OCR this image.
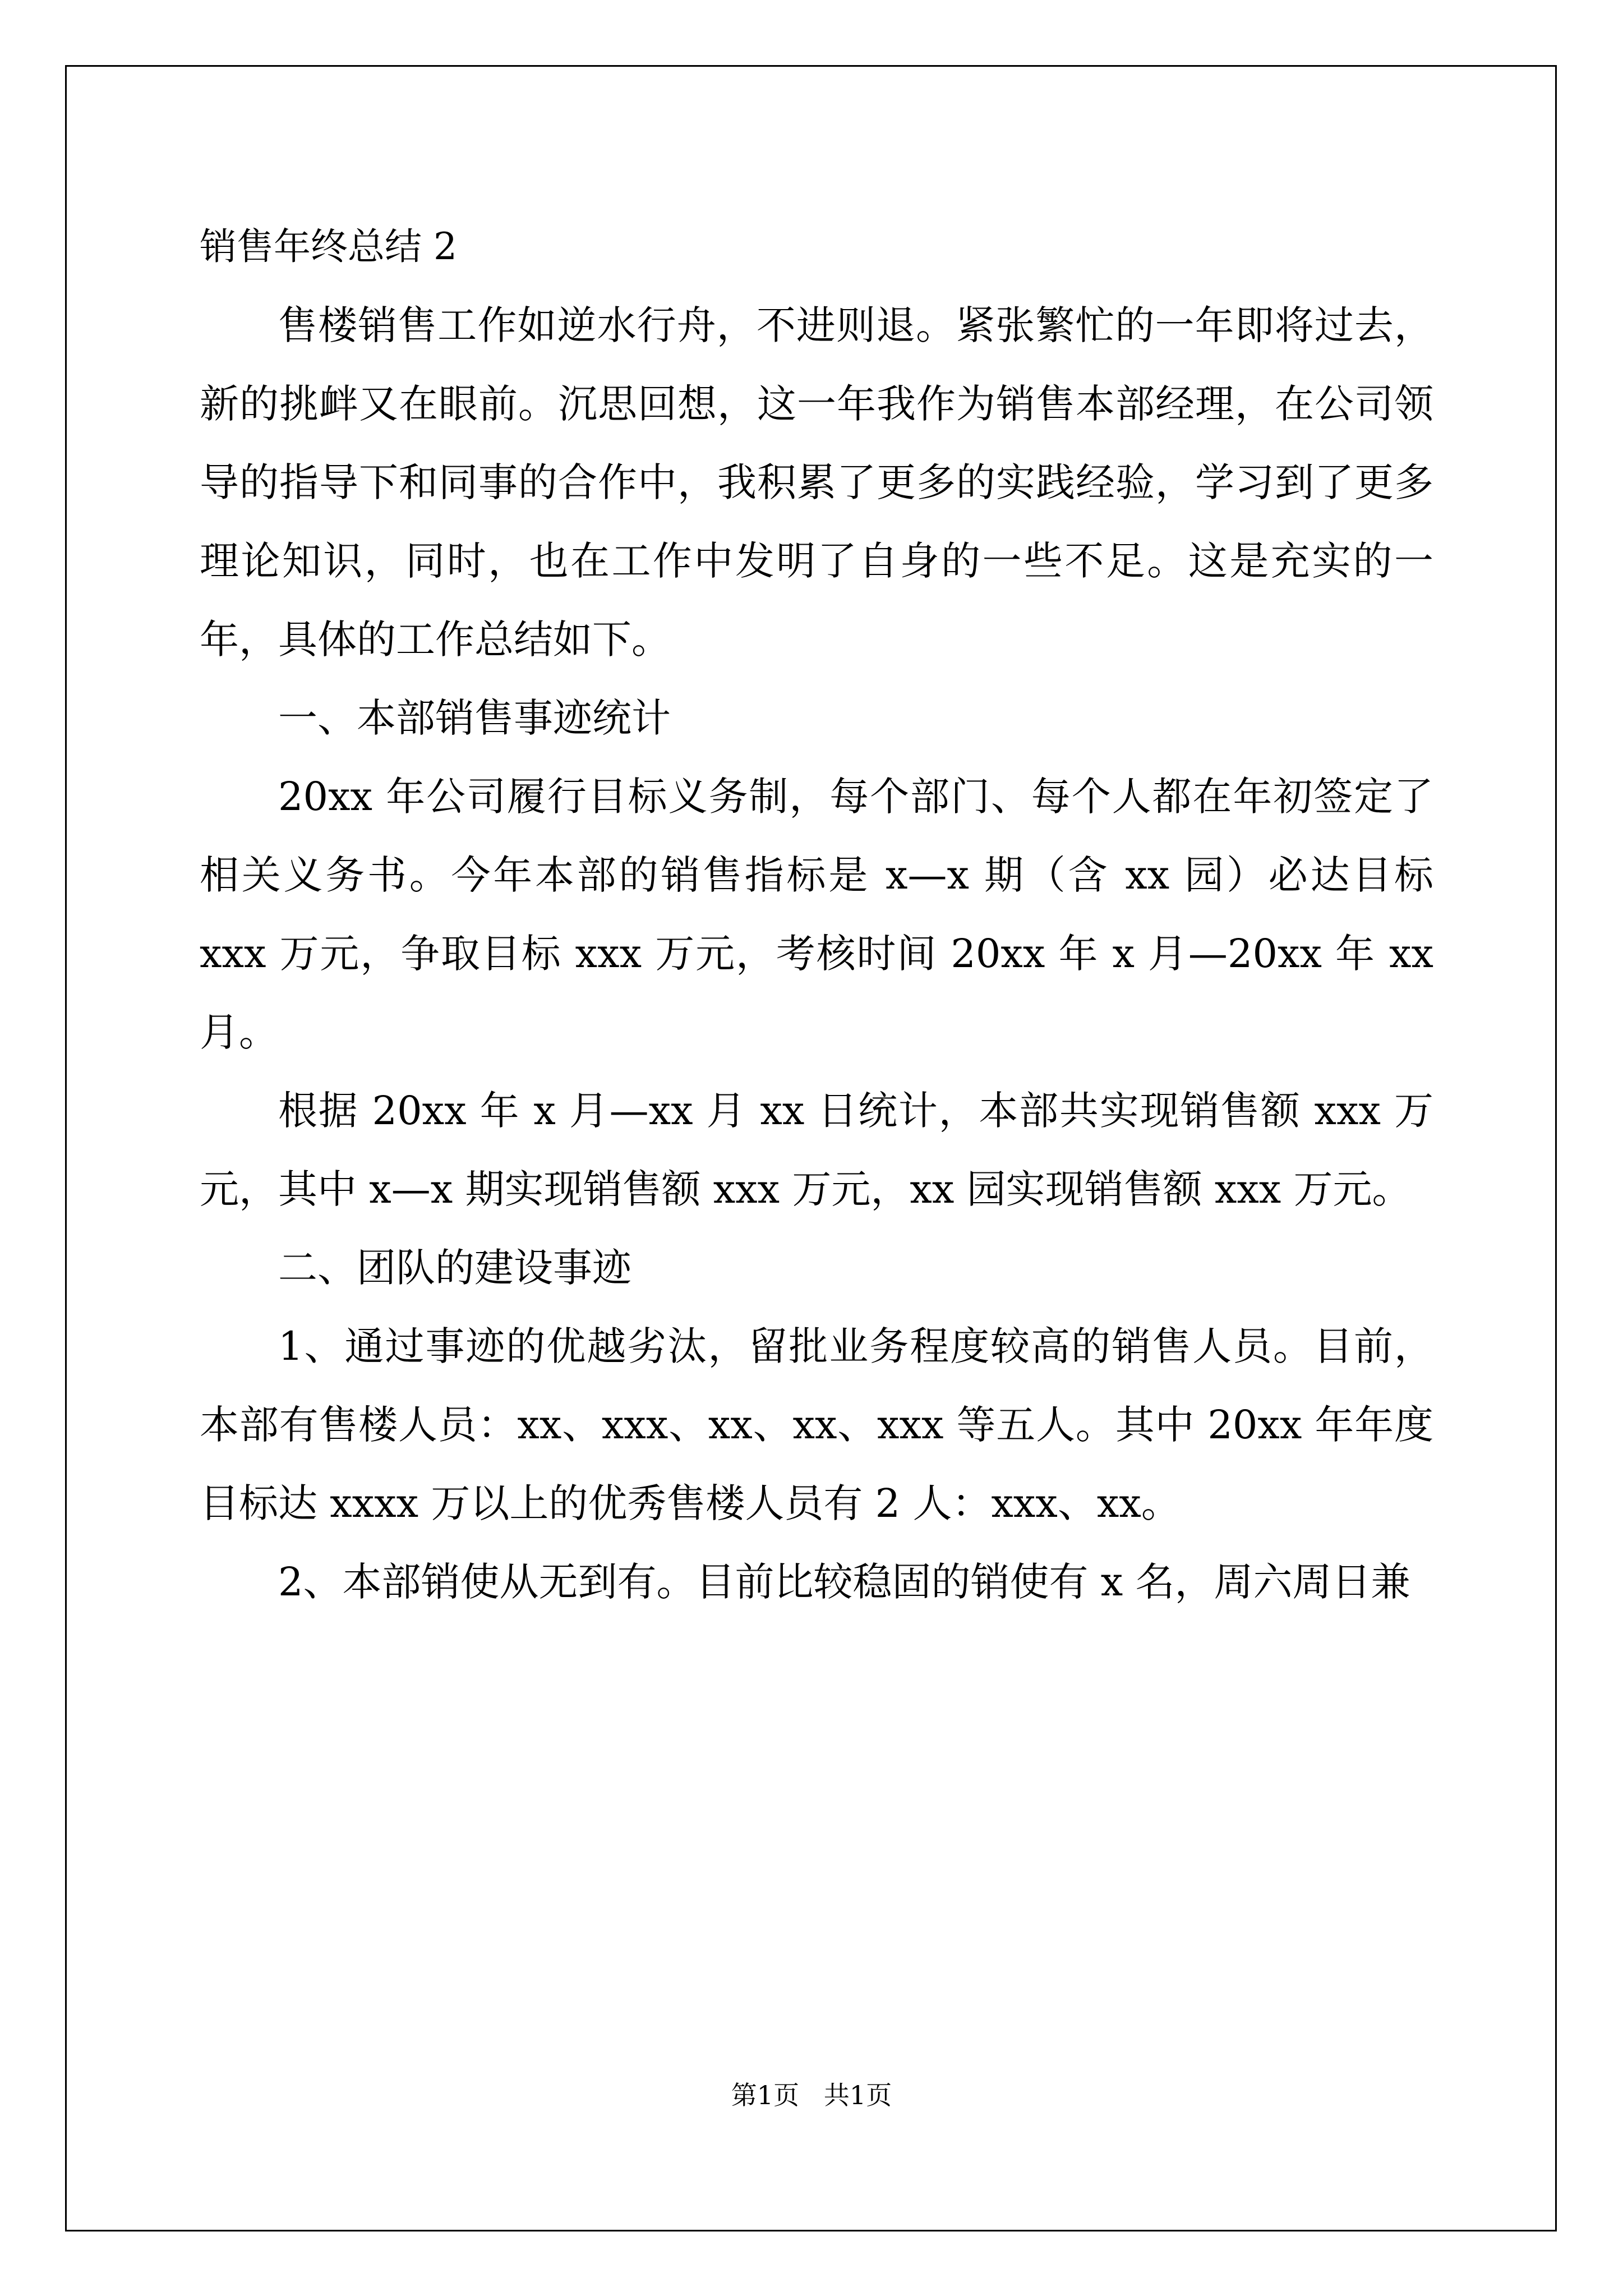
销售年终总结 2

售楼销售工作如逆水行舟，不进则退。紧张繁忙的一年即将过去，新的挑衅又在眼前。沉思回想，这一年我作为销售本部经理，在公司领导的指导下和同事的合作中，我积累了更多的实践经验，学习到了更多理论知识，同时，也在工作中发明了自身的一些不足。这是充实的一年，具体的工作总结如下。

一、本部销售事迹统计

20xx 年公司履行目标义务制，每个部门、每个人都在年初签定了相关义务书。今年本部的销售指标是 x—x 期（含 xx 园）必达目标 xxx 万元，争取目标 xxx 万元，考核时间 20xx 年 x 月—20xx 年 xx 月。

根据 20xx 年 x 月—xx 月 xx 日统计，本部共实现销售额 xxx 万元，其中 x—x 期实现销售额 xxx 万元，xx 园实现销售额 xxx 万元。

二、团队的建设事迹

1、通过事迹的优越劣汰，留批业务程度较高的销售人员。目前，本部有售楼人员：xx、xxx、xx、xx、xxx 等五人。其中 20xx 年年度目标达 xxxx 万以上的优秀售楼人员有 2 人：xxx、xx。

2、本部销使从无到有。目前比较稳固的销使有 x 名，周六周日兼

第1页   共1页
